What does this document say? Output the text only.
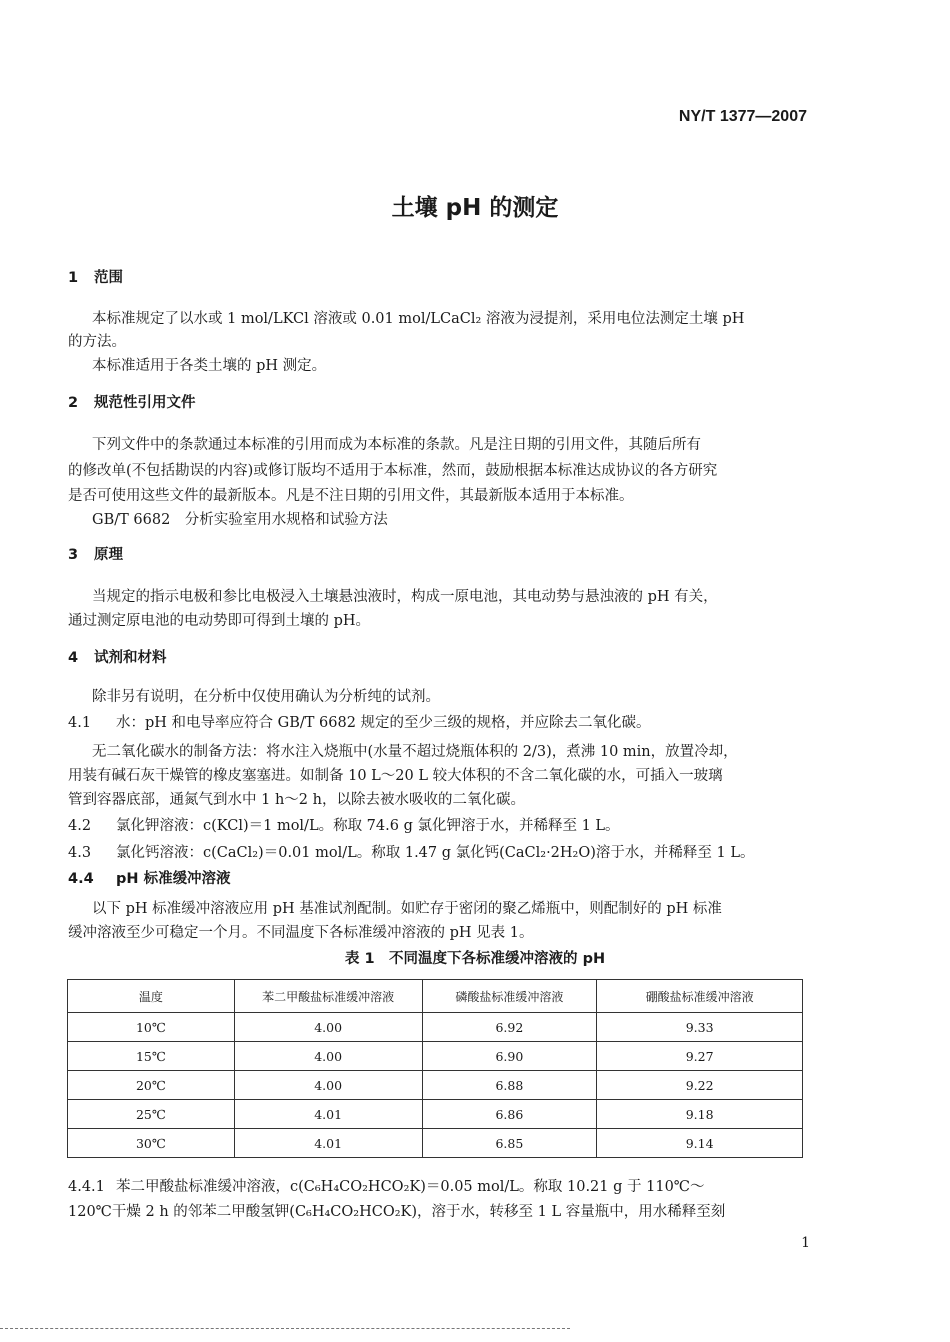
NY/T 1377—2007
土壤 pH 的测定
1 范围
本标准规定了以水或 1 mol/LKCl 溶液或 0.01 mol/LCaCl₂ 溶液为浸提剂，采用电位法测定土壤 pH
的方法。
本标准适用于各类土壤的 pH 测定。
2 规范性引用文件
下列文件中的条款通过本标准的引用而成为本标准的条款。凡是注日期的引用文件，其随后所有
的修改单(不包括勘误的内容)或修订版均不适用于本标准，然而，鼓励根据本标准达成协议的各方研究
是否可使用这些文件的最新版本。凡是不注日期的引用文件，其最新版本适用于本标准。
GB/T 6682　分析实验室用水规格和试验方法
3 原理
当规定的指示电极和参比电极浸入土壤悬浊液时，构成一原电池，其电动势与悬浊液的 pH 有关，
通过测定原电池的电动势即可得到土壤的 pH。
4 试剂和材料
除非另有说明，在分析中仅使用确认为分析纯的试剂。
4.1 水：pH 和电导率应符合 GB/T 6682 规定的至少三级的规格，并应除去二氧化碳。
无二氧化碳水的制备方法：将水注入烧瓶中(水量不超过烧瓶体积的 2/3)，煮沸 10 min，放置冷却，
用装有碱石灰干燥管的橡皮塞塞进。如制备 10 L～20 L 较大体积的不含二氧化碳的水，可插入一玻璃
管到容器底部，通氮气到水中 1 h～2 h，以除去被水吸收的二氧化碳。
4.2 氯化钾溶液：c(KCl)＝1 mol/L。称取 74.6 g 氯化钾溶于水，并稀释至 1 L。
4.3 氯化钙溶液：c(CaCl₂)＝0.01 mol/L。称取 1.47 g 氯化钙(CaCl₂·2H₂O)溶于水，并稀释至 1 L。
4.4 pH 标准缓冲溶液
以下 pH 标准缓冲溶液应用 pH 基准试剂配制。如贮存于密闭的聚乙烯瓶中，则配制好的 pH 标准
缓冲溶液至少可稳定一个月。不同温度下各标准缓冲溶液的 pH 见表 1。
表 1　不同温度下各标准缓冲溶液的 pH
温度	苯二甲酸盐标准缓冲溶液	磷酸盐标准缓冲溶液	硼酸盐标准缓冲溶液
10℃	4.00	6.92	9.33
15℃	4.00	6.90	9.27
20℃	4.00	6.88	9.22
25℃	4.01	6.86	9.18
30℃	4.01	6.85	9.14
4.4.1 苯二甲酸盐标准缓冲溶液，c(C₆H₄CO₂HCO₂K)＝0.05 mol/L。称取 10.21 g 于 110℃～
120℃干燥 2 h 的邻苯二甲酸氢钾(C₆H₄CO₂HCO₂K)，溶于水，转移至 1 L 容量瓶中，用水稀释至刻
1
